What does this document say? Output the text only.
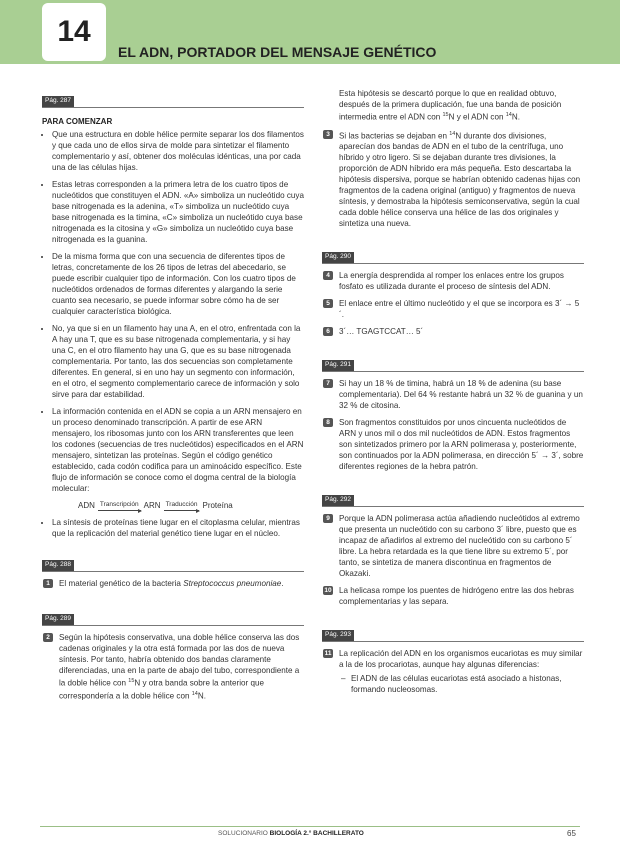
14
EL ADN, PORTADOR DEL MENSAJE GENÉTICO
Pág. 287
PARA COMENZAR
• Que una estructura en doble hélice permite separar los dos filamentos y que cada uno de ellos sirva de molde para sintetizar el filamento complementario y así, obtener dos moléculas idénticas, una por cada una de las células hijas.
• Estas letras corresponden a la primera letra de los cuatro tipos de nucleótidos que constituyen el ADN. «A» simboliza un nucleótido cuya base nitrogenada es la adenina, «T» simboliza un nucleótido cuya base nitrogenada es la timina, «C» simboliza un nucleótido cuya base nitrogenada es la citosina y «G» simboliza un nucleótido cuya base nitrogenada es la guanina.
• De la misma forma que con una secuencia de diferentes tipos de letras, concretamente de los 26 tipos de letras del abecedario, se puede escribir cualquier tipo de información. Con los cuatro tipos de nucleótidos ordenados de formas diferentes y alargando la serie cuanto sea necesario, se puede informar sobre cómo ha de ser cualquier característica biológica.
• No, ya que si en un filamento hay una A, en el otro, enfrentada con la A hay una T, que es su base nitrogenada complementaria, y si hay una C, en el otro filamento hay una G, que es su base nitrogenada complementaria. Por tanto, las dos secuencias son completamente diferentes. En general, si en uno hay un segmento con información, en el otro, el segmento complementario carece de información y solo sirve para dar estabilidad.
• La información contenida en el ADN se copia a un ARN mensajero en un proceso denominado transcripción. A partir de ese ARN mensajero, los ribosomas junto con los ARN transferentes que leen los codones (secuencias de tres nucleótidos) especificados en el ARN mensajero, sintetizan las proteínas. Según el código genético establecido, cada codón codifica para un aminoácido específico. Este flujo de información se conoce como el dogma central de la biología molecular:
ADN Transcripción ARN Traducción Proteína
• La síntesis de proteínas tiene lugar en el citoplasma celular, mientras que la replicación del material genético tiene lugar en el núcleo.
Pág. 288
1	El material genético de la bacteria Streptococcus pneumoniae.
Pág. 289
2	Según la hipótesis conservativa, una doble hélice conserva las dos cadenas originales y la otra está formada por las dos de nueva síntesis. Por tanto, habría obtenido dos bandas claramente diferenciadas, una en la parte de abajo del tubo, correspondiente a la doble hélice con $^{15}$N y otra banda sobre la anterior que correspondería a la doble hélice con $^{14}$N.
Esta hipótesis se descartó porque lo que en realidad obtuvo, después de la primera duplicación, fue una banda de posición intermedia entre el ADN con $^{15}$N y el ADN con $^{14}$N.
3	Si las bacterias se dejaban en $^{14}$N durante dos divisiones, aparecían dos bandas de ADN en el tubo de la centrífuga, uno híbrido y otro ligero. Si se dejaban durante tres divisiones, la proporción de ADN híbrido era más pequeña. Esto descartaba la hipótesis dispersiva, porque se habrían obtenido cadenas hijas con fragmentos de la cadena original (antiguo) y fragmentos de nueva síntesis, y demostraba la hipótesis semiconservativa, según la cual cada doble hélice conserva una hélice de las dos originales y sintetiza una nueva.
Pág. 290
4	La energía desprendida al romper los enlaces entre los grupos fosfato es utilizada durante el proceso de síntesis del ADN.
5	El enlace entre el último nucleótido y el que se incorpora es 3´ → 5´.
6	3´… TGAGTCCAT… 5´
Pág. 291
7	Si hay un 18 % de timina, habrá un 18 % de adenina (su base complementaria). Del 64 % restante habrá un 32 % de guanina y un 32 % de citosina.
8	Son fragmentos constituidos por unos cincuenta nucleótidos de ARN y unos mil o dos mil nucleótidos de ADN. Estos fragmentos son sintetizados primero por la ARN polimerasa y, posteriormente, son continuados por la ADN polimerasa, en dirección 5´ → 3´, sobre diferentes regiones de la hebra patrón.
Pág. 292
9	Porque la ADN polimerasa actúa añadiendo nucleótidos al extremo que presenta un nucleótido con su carbono 3´ libre, puesto que es incapaz de añadirlos al extremo del nucleótido con su carbono 5´ libre. La hebra retardada es la que tiene libre su extremo 5´, por tanto, se sintetiza de manera discontinua en fragmentos de Okazaki.
10 La helicasa rompe los puentes de hidrógeno entre las dos hebras complementarias y las separa.
Pág. 293
11 La replicación del ADN en los organismos eucariotas es muy similar a la de los procariotas, aunque hay algunas diferencias:
– El ADN de las células eucariotas está asociado a histonas, formando nucleosomas.
SOLUCIONARIO BIOLOGÍA 2.° BACHILLERATO	65
